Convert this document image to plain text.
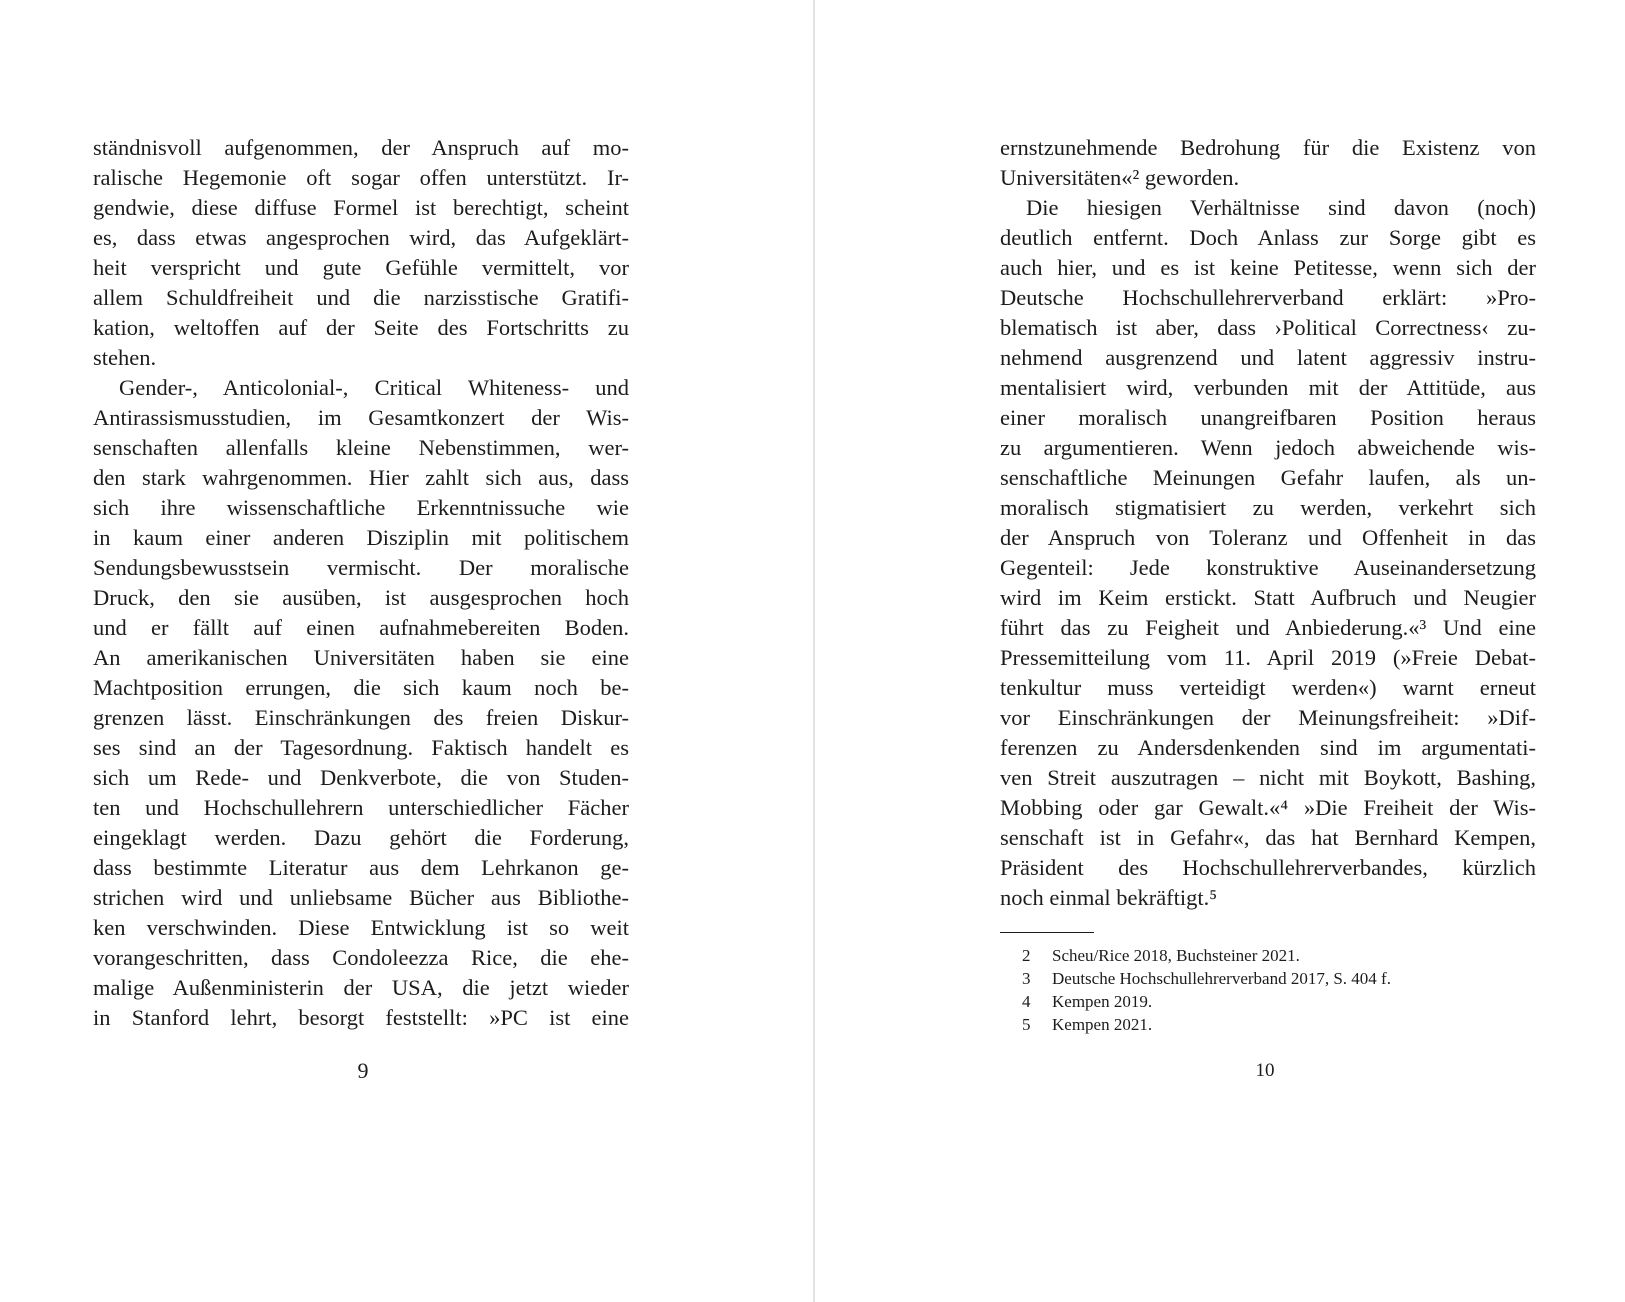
ständnisvoll aufgenommen, der Anspruch auf mo-
ralische Hegemonie oft sogar offen unterstützt. Ir-
gendwie, diese diffuse Formel ist berechtigt, scheint
es, dass etwas angesprochen wird, das Aufgeklärt-
heit verspricht und gute Gefühle vermittelt, vor
allem Schuldfreiheit und die narzisstische Gratifi-
kation, weltoffen auf der Seite des Fortschritts zu
stehen.
Gender-, Anticolonial-, Critical Whiteness- und
Antirassismusstudien, im Gesamtkonzert der Wis-
senschaften allenfalls kleine Nebenstimmen, wer-
den stark wahrgenommen. Hier zahlt sich aus, dass
sich ihre wissenschaftliche Erkenntnissuche wie
in kaum einer anderen Disziplin mit politischem
Sendungsbewusstsein vermischt. Der moralische
Druck, den sie ausüben, ist ausgesprochen hoch
und er fällt auf einen aufnahmebereiten Boden.
An amerikanischen Universitäten haben sie eine
Machtposition errungen, die sich kaum noch be-
grenzen lässt. Einschränkungen des freien Diskur-
ses sind an der Tagesordnung. Faktisch handelt es
sich um Rede- und Denkverbote, die von Studen-
ten und Hochschullehrern unterschiedlicher Fächer
eingeklagt werden. Dazu gehört die Forderung,
dass bestimmte Literatur aus dem Lehrkanon ge-
strichen wird und unliebsame Bücher aus Bibliothe-
ken verschwinden. Diese Entwicklung ist so weit
vorangeschritten, dass Condoleezza Rice, die ehe-
malige Außenministerin der USA, die jetzt wieder
in Stanford lehrt, besorgt feststellt: »PC ist eine
9
ernstzunehmende Bedrohung für die Existenz von
Universitäten«² geworden.
Die hiesigen Verhältnisse sind davon (noch)
deutlich entfernt. Doch Anlass zur Sorge gibt es
auch hier, und es ist keine Petitesse, wenn sich der
Deutsche Hochschullehrerverband erklärt: »Pro-
blematisch ist aber, dass ›Political Correctness‹ zu-
nehmend ausgrenzend und latent aggressiv instru-
mentalisiert wird, verbunden mit der Attitüde, aus
einer moralisch unangreifbaren Position heraus
zu argumentieren. Wenn jedoch abweichende wis-
senschaftliche Meinungen Gefahr laufen, als un-
moralisch stigmatisiert zu werden, verkehrt sich
der Anspruch von Toleranz und Offenheit in das
Gegenteil: Jede konstruktive Auseinandersetzung
wird im Keim erstickt. Statt Aufbruch und Neugier
führt das zu Feigheit und Anbiederung.«³ Und eine
Pressemitteilung vom 11. April 2019 (»Freie Debat-
tenkultur muss verteidigt werden«) warnt erneut
vor Einschränkungen der Meinungsfreiheit: »Dif-
ferenzen zu Andersdenkenden sind im argumentati-
ven Streit auszutragen – nicht mit Boykott, Bashing,
Mobbing oder gar Gewalt.«⁴ »Die Freiheit der Wis-
senschaft ist in Gefahr«, das hat Bernhard Kempen,
Präsident des Hochschullehrerverbandes, kürzlich
noch einmal bekräftigt.⁵
2	Scheu/Rice 2018, Buchsteiner 2021.
3	Deutsche Hochschullehrerverband 2017, S. 404 f.
4	Kempen 2019.
5	Kempen 2021.
10
